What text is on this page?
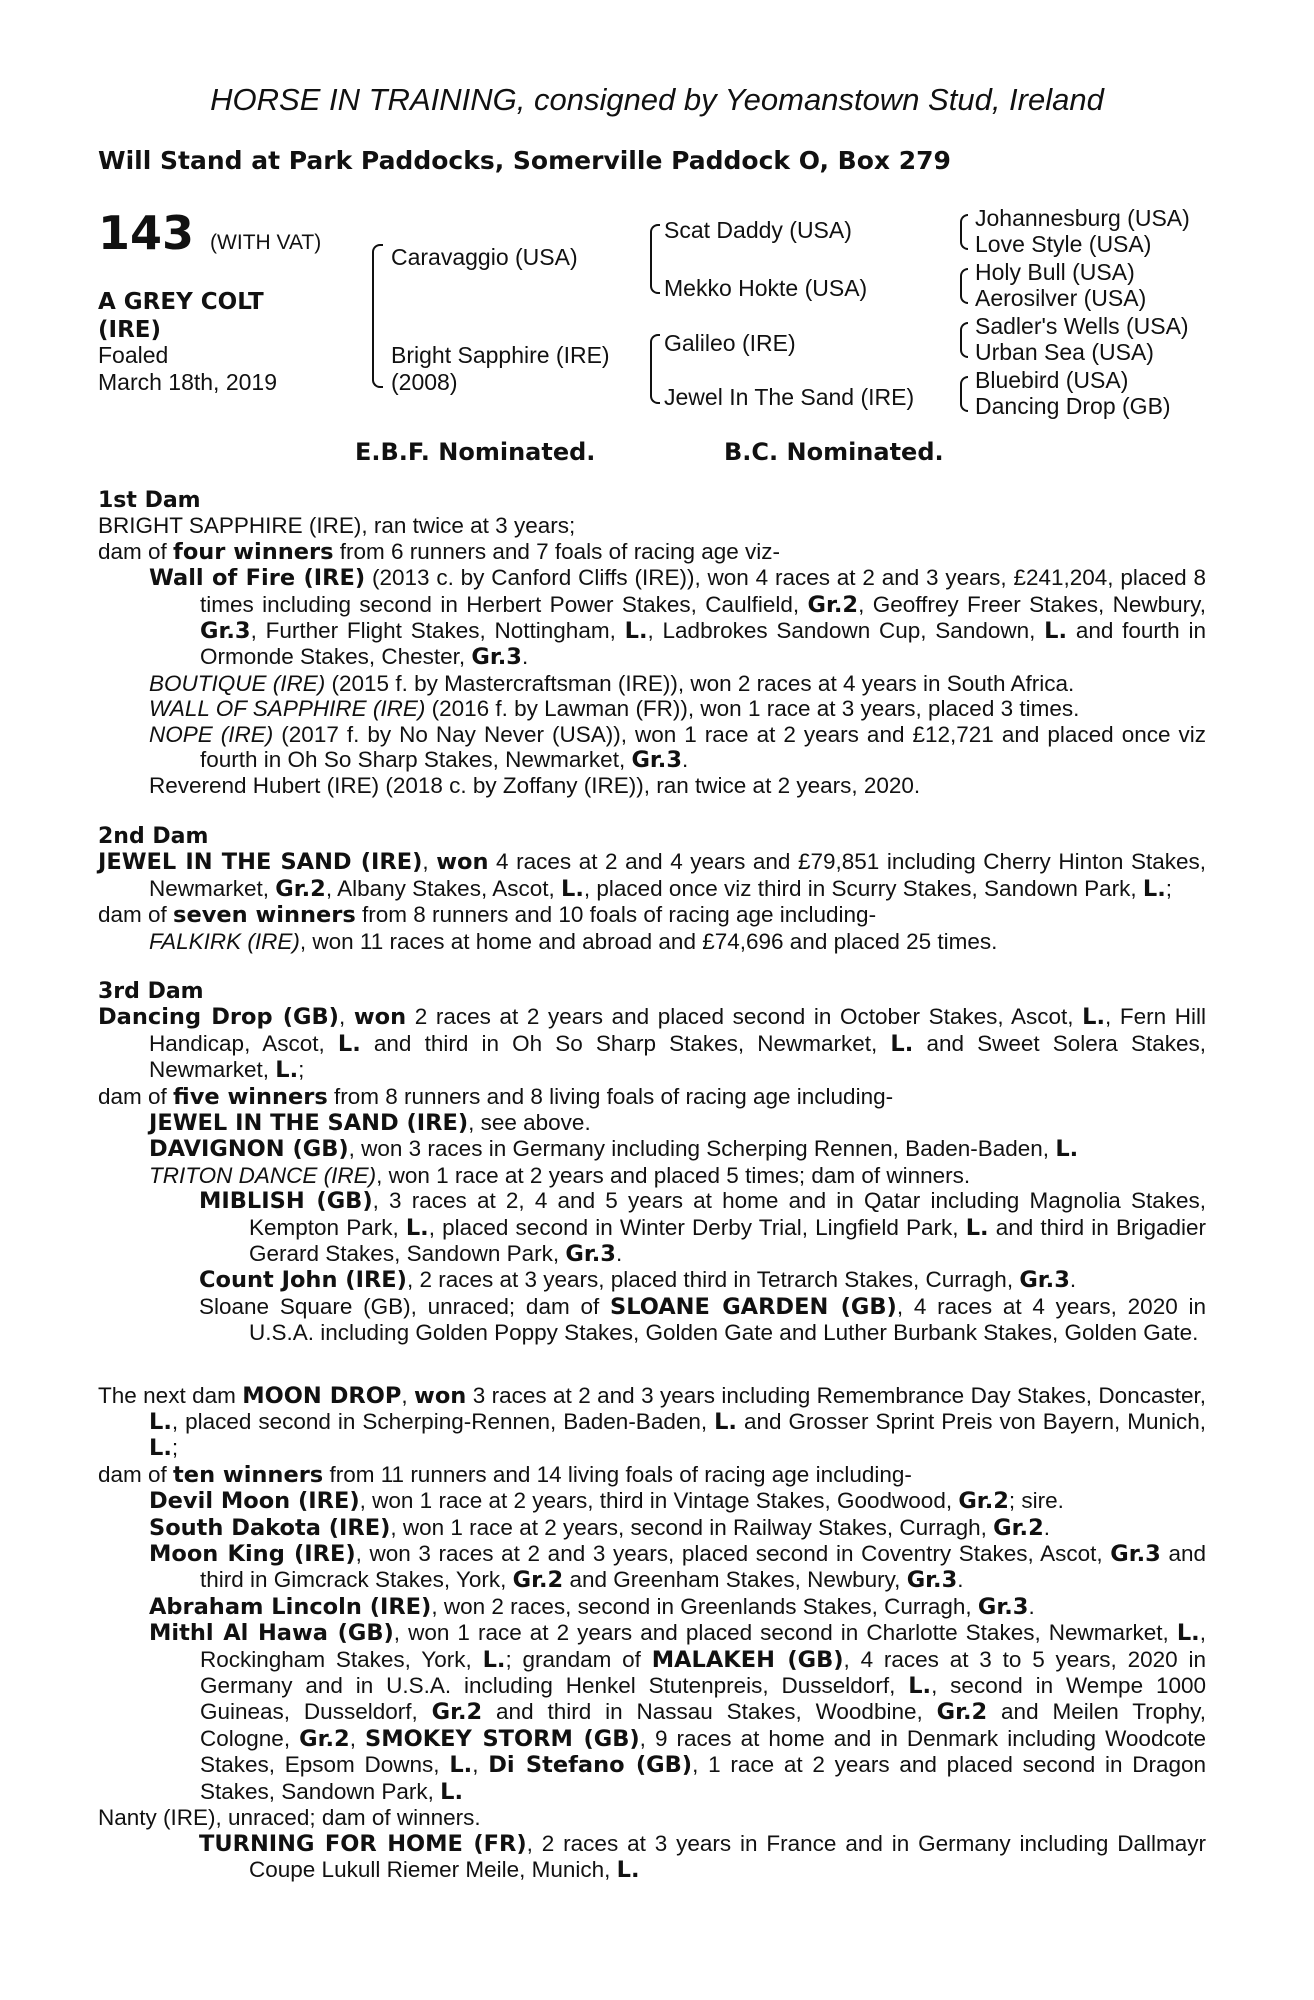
HORSE IN TRAINING, consigned by Yeomanstown Stud, Ireland
Will Stand at Park Paddocks, Somerville Paddock O, Box 279
143 (WITH VAT)
A GREY COLT
(IRE)
Foaled
March 18th, 2019
Caravaggio (USA)
Bright Sapphire (IRE)
(2008)
Scat Daddy (USA)
Mekko Hokte (USA)
Galileo (IRE)
Jewel In The Sand (IRE)
Johannesburg (USA)
Love Style (USA)
Holy Bull (USA)
Aerosilver (USA)
Sadler's Wells (USA)
Urban Sea (USA)
Bluebird (USA)
Dancing Drop (GB)
E.B.F. Nominated.	B.C. Nominated.

1st Dam

BRIGHT SAPPHIRE (IRE), ran twice at 3 years;

dam of four winners from 6 runners and 7 foals of racing age viz-

Wall of Fire (IRE) (2013 c. by Canford Cliffs (IRE)), won 4 races at 2 and 3 years, £241,204, placed 8 times including second in Herbert Power Stakes, Caulfield, Gr.2, Geoffrey Freer Stakes, Newbury, Gr.3, Further Flight Stakes, Nottingham, L., Ladbrokes Sandown Cup, Sandown, L. and fourth in Ormonde Stakes, Chester, Gr.3.

BOUTIQUE (IRE) (2015 f. by Mastercraftsman (IRE)), won 2 races at 4 years in South Africa.

WALL OF SAPPHIRE (IRE) (2016 f. by Lawman (FR)), won 1 race at 3 years, placed 3 times.

NOPE (IRE) (2017 f. by No Nay Never (USA)), won 1 race at 2 years and £12,721 and placed once viz fourth in Oh So Sharp Stakes, Newmarket, Gr.3.

Reverend Hubert (IRE) (2018 c. by Zoffany (IRE)), ran twice at 2 years, 2020.

2nd Dam

JEWEL IN THE SAND (IRE), won 4 races at 2 and 4 years and £79,851 including Cherry Hinton Stakes, Newmarket, Gr.2, Albany Stakes, Ascot, L., placed once viz third in Scurry Stakes, Sandown Park, L.;

dam of seven winners from 8 runners and 10 foals of racing age including-

FALKIRK (IRE), won 11 races at home and abroad and £74,696 and placed 25 times.

3rd Dam

Dancing Drop (GB), won 2 races at 2 years and placed second in October Stakes, Ascot, L., Fern Hill Handicap, Ascot, L. and third in Oh So Sharp Stakes, Newmarket, L. and Sweet Solera Stakes, Newmarket, L.;

dam of five winners from 8 runners and 8 living foals of racing age including-

JEWEL IN THE SAND (IRE), see above.

DAVIGNON (GB), won 3 races in Germany including Scherping Rennen, Baden-Baden, L.

TRITON DANCE (IRE), won 1 race at 2 years and placed 5 times; dam of winners.

MIBLISH (GB), 3 races at 2, 4 and 5 years at home and in Qatar including Magnolia Stakes, Kempton Park, L., placed second in Winter Derby Trial, Lingfield Park, L. and third in Brigadier Gerard Stakes, Sandown Park, Gr.3.

Count John (IRE), 2 races at 3 years, placed third in Tetrarch Stakes, Curragh, Gr.3.

Sloane Square (GB), unraced; dam of SLOANE GARDEN (GB), 4 races at 4 years, 2020 in U.S.A. including Golden Poppy Stakes, Golden Gate and Luther Burbank Stakes, Golden Gate.

The next dam MOON DROP, won 3 races at 2 and 3 years including Remembrance Day Stakes, Doncaster, L., placed second in Scherping-Rennen, Baden-Baden, L. and Grosser Sprint Preis von Bayern, Munich, L.;

dam of ten winners from 11 runners and 14 living foals of racing age including-

Devil Moon (IRE), won 1 race at 2 years, third in Vintage Stakes, Goodwood, Gr.2; sire.

South Dakota (IRE), won 1 race at 2 years, second in Railway Stakes, Curragh, Gr.2.

Moon King (IRE), won 3 races at 2 and 3 years, placed second in Coventry Stakes, Ascot, Gr.3 and third in Gimcrack Stakes, York, Gr.2 and Greenham Stakes, Newbury, Gr.3.

Abraham Lincoln (IRE), won 2 races, second in Greenlands Stakes, Curragh, Gr.3.

Mithl Al Hawa (GB), won 1 race at 2 years and placed second in Charlotte Stakes, Newmarket, L., Rockingham Stakes, York, L.; grandam of MALAKEH (GB), 4 races at 3 to 5 years, 2020 in Germany and in U.S.A. including Henkel Stutenpreis, Dusseldorf, L., second in Wempe 1000 Guineas, Dusseldorf, Gr.2 and third in Nassau Stakes, Woodbine, Gr.2 and Meilen Trophy, Cologne, Gr.2, SMOKEY STORM (GB), 9 races at home and in Denmark including Woodcote Stakes, Epsom Downs, L., Di Stefano (GB), 1 race at 2 years and placed second in Dragon Stakes, Sandown Park, L.

Nanty (IRE), unraced; dam of winners.

TURNING FOR HOME (FR), 2 races at 3 years in France and in Germany including Dallmayr Coupe Lukull Riemer Meile, Munich, L.
